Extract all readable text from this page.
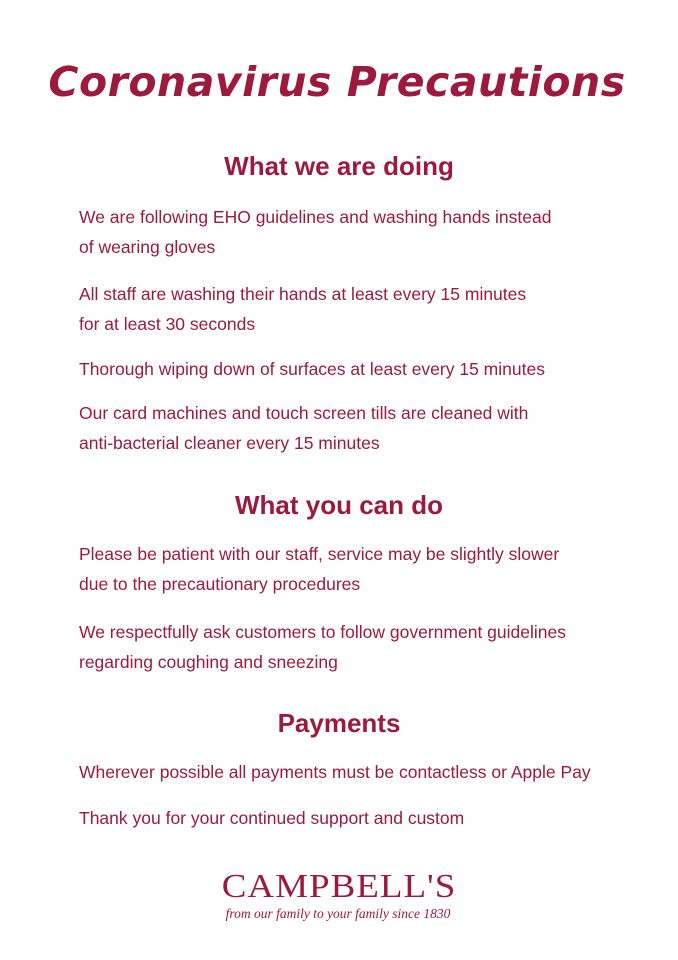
Coronavirus Precautions
What we are doing

We are following EHO guidelines and washing hands instead
of wearing gloves

All staff are washing their hands at least every 15 minutes
for at least 30 seconds

Thorough wiping down of surfaces at least every 15 minutes

Our card machines and touch screen tills are cleaned with
anti-bacterial cleaner every 15 minutes

What you can do

Please be patient with our staff, service may be slightly slower
due to the precautionary procedures

We respectfully ask customers to follow government guidelines
regarding coughing and sneezing

Payments

Wherever possible all payments must be contactless or Apple Pay

Thank you for your continued support and custom

CAMPBELL'S
from our family to your family since 1830
